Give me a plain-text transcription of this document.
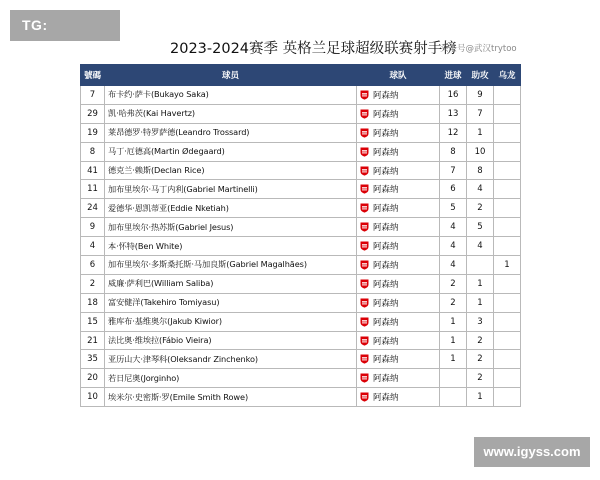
TG: MYYJJPP	2023-2024赛季 英格兰足球超级联赛射手榜
头条号@武汉trytoo
號碼	球员	球队	进球	助攻	乌龙
7	布卡约·萨卡(Bukayo Saka)	阿森纳	16	9	
29	凯·哈弗茨(Kai Havertz)	阿森纳	13	7	
19	莱昂德罗·特罗萨德(Leandro Trossard)	阿森纳	12	1	
8	马丁·厄德高(Martin Ødegaard)	阿森纳	8	10	
41	德克兰·赖斯(Declan Rice)	阿森纳	7	8	
11	加布里埃尔·马丁内利(Gabriel Martinelli)	阿森纳	6	4	
24	爱德华·恩凯蒂亚(Eddie Nketiah)	阿森纳	5	2	
9	加布里埃尔·热苏斯(Gabriel Jesus)	阿森纳	4	5	
4	本·怀特(Ben White)	阿森纳	4	4	
6	加布里埃尔·多斯桑托斯·马加良斯(Gabriel Magalhães)	阿森纳	4		1
2	威廉·萨利巴(William Saliba)	阿森纳	2	1	
18	富安健洋(Takehiro Tomiyasu)	阿森纳	2	1	
15	雅库布·基维奥尔(Jakub Kiwior)	阿森纳	1	3	
21	法比奥·维埃拉(Fábio Vieira)	阿森纳	1	2	
35	亚历山大·津琴科(Oleksandr Zinchenko)	阿森纳	1	2	
20	若日尼奥(Jorginho)	阿森纳		2	
10	埃米尔·史密斯·罗(Emile Smith Rowe)	阿森纳		1	
www.igyss.com
